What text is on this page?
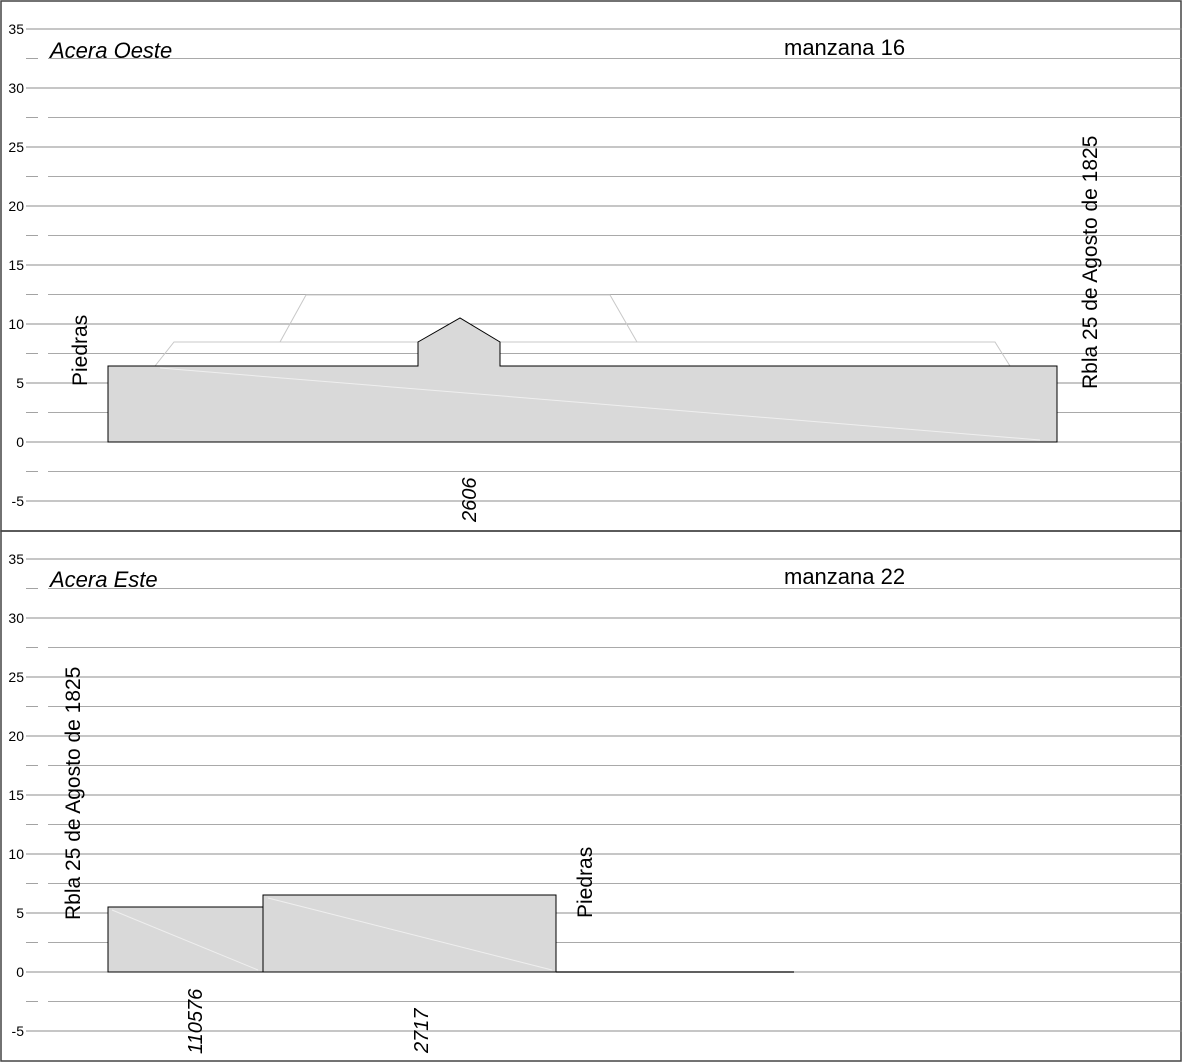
35
30
25
20
15
10
5
0
-5
Acera Oeste	manzana 16
Piedras	Rbla 25 de Agosto de 1825
2606
35
30
25
20
15
10
5
0
-5
Acera Este	manzana 22
Rbla 25 de Agosto de 1825	Piedras
110576	2717
